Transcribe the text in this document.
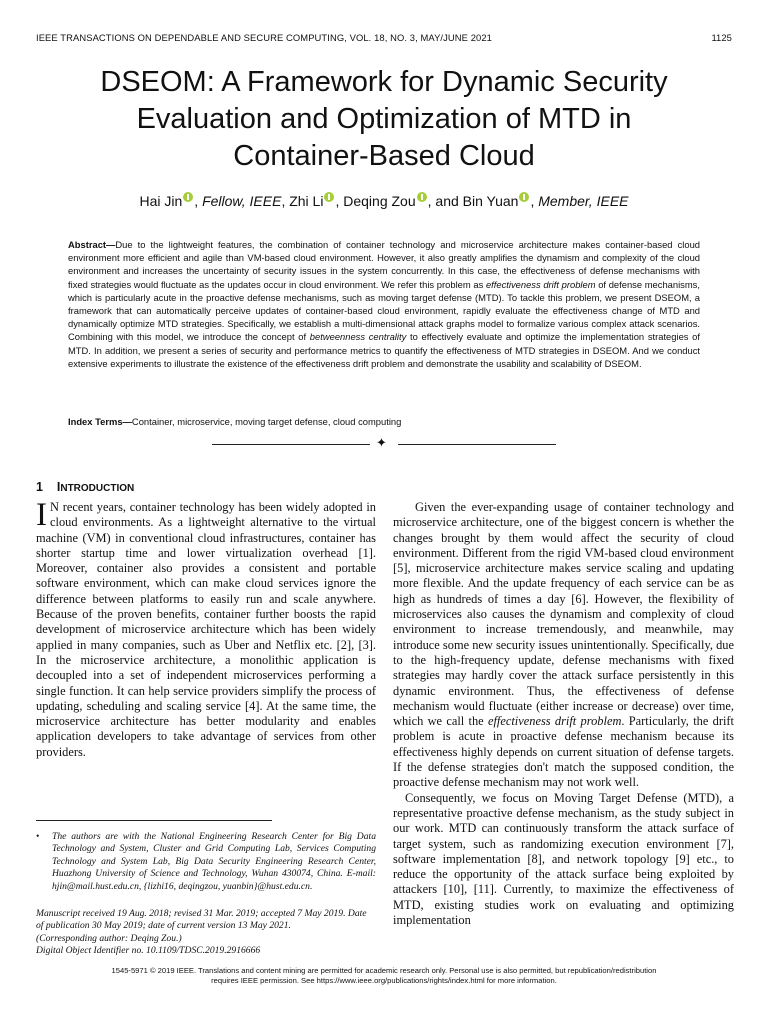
IEEE TRANSACTIONS ON DEPENDABLE AND SECURE COMPUTING, VOL. 18, NO. 3, MAY/JUNE 2021	1125
DSEOM: A Framework for Dynamic Security
Evaluation and Optimization of MTD in
Container-Based Cloud
Hai Jin , Fellow, IEEE, Zhi Li , Deqing Zou , and Bin Yuan , Member, IEEE
Abstract—Due to the lightweight features, the combination of container technology and microservice architecture makes container-based cloud environment more efficient and agile than VM-based cloud environment. However, it also greatly amplifies the dynamism and complexity of the cloud environment and increases the uncertainty of security issues in the system concurrently. In this case, the effectiveness of defense mechanisms with fixed strategies would fluctuate as the updates occur in cloud environment. We refer this problem as effectiveness drift problem of defense mechanisms, which is particularly acute in the proactive defense mechanisms, such as moving target defense (MTD). To tackle this problem, we present DSEOM, a framework that can automatically perceive updates of container-based cloud environment, rapidly evaluate the effectiveness change of MTD and dynamically optimize MTD strategies. Specifically, we establish a multi-dimensional attack graphs model to formalize various complex attack scenarios. Combining with this model, we introduce the concept of betweenness centrality to effectively evaluate and optimize the implementation strategies of MTD. In addition, we present a series of security and performance metrics to quantify the effectiveness of MTD strategies in DSEOM. And we conduct extensive experiments to illustrate the existence of the effectiveness drift problem and demonstrate the usability and scalability of DSEOM.
Index Terms—Container, microservice, moving target defense, cloud computing
✦
1 INTRODUCTION

I N recent years, container technology has been widely adopted in cloud environments. As a lightweight alternative to the virtual machine (VM) in conventional cloud infrastructures, container has shorter startup time and lower virtualization overhead [1]. Moreover, container also provides a consistent and portable software environment, which can make cloud services ignore the difference between platforms to easily run and scale anywhere. Because of the proven benefits, container further boosts the rapid development of microservice architecture which has been widely applied in many companies, such as Uber and Netflix etc. [2], [3]. In the microservice architecture, a monolithic application is decoupled into a set of independent microservices performing a single function. It can help service providers simplify the process of updating, scheduling and scaling service [4]. At the same time, the microservice architecture has better modularity and enables application developers to take advantage of services from other providers.

Given the ever-expanding usage of container technology and microservice architecture, one of the biggest concern is whether the changes brought by them would affect the security of cloud environment. Different from the rigid VM-based cloud environment [5], microservice architecture makes service scaling and updating more flexible. And the update frequency of each service can be as high as hundreds of times a day [6]. However, the flexibility of microservices also causes the dynamism and complexity of cloud environment to increase tremendously, and meanwhile, may introduce some new security issues unintentionally. Specifically, due to the high-frequency update, defense mechanisms with fixed strategies may hardly cover the attack surface persistently in this dynamic environment. Thus, the effectiveness of defense mechanism would fluctuate (either increase or decrease) over time, which we call the effectiveness drift problem. Particularly, the drift problem is acute in proactive defense mechanism because its effectiveness highly depends on current situation of defense targets. If the defense strategies don't match the supposed condition, the proactive defense mechanism may not work well.

Consequently, we focus on Moving Target Defense (MTD), a representative proactive defense mechanism, as the study subject in our work. MTD can continuously transform the attack surface of target system, such as randomizing execution environment [7], software implementation [8], and network topology [9] etc., to reduce the opportunity of the attack surface being exploited by attackers [10], [11]. Currently, to maximize the effectiveness of MTD, existing studies work on evaluating and optimizing implementation

• The authors are with the National Engineering Research Center for Big Data Technology and System, Cluster and Grid Computing Lab, Services Computing Technology and System Lab, Big Data Security Engineering Research Center, Huazhong University of Science and Technology, Wuhan 430074, China. E-mail: hjin@mail.hust.edu.cn, {lizhi16, deqingzou, yuanbin}@hust.edu.cn.
Manuscript received 19 Aug. 2018; revised 31 Mar. 2019; accepted 7 May 2019. Date of publication 30 May 2019; date of current version 13 May 2021.
(Corresponding author: Deqing Zou.)
Digital Object Identifier no. 10.1109/TDSC.2019.2916666
1545-5971 © 2019 IEEE. Translations and content mining are permitted for academic research only. Personal use is also permitted, but republication/redistribution
requires IEEE permission. See https://www.ieee.org/publications/rights/index.html for more information.
